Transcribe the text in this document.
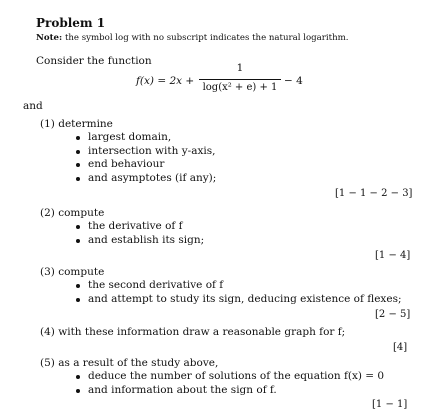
Problem 1
Note: the symbol log with no subscript indicates the natural logarithm.
Consider the function
f(x) = 2x +
1
log(x² + e) + 1
− 4
and
(1) determine
largest domain,
intersection with y-axis,
end behaviour
and asymptotes (if any);
[1 − 1 − 2 − 3]
(2) compute
the derivative of f
and establish its sign;
[1 − 4]
(3) compute
the second derivative of f
and attempt to study its sign, deducing existence of flexes;
[2 − 5]
(4) with these information draw a reasonable graph for f;
[4]
(5) as a result of the study above,
deduce the number of solutions of the equation f(x) = 0
and information about the sign of f.
[1 − 1]
